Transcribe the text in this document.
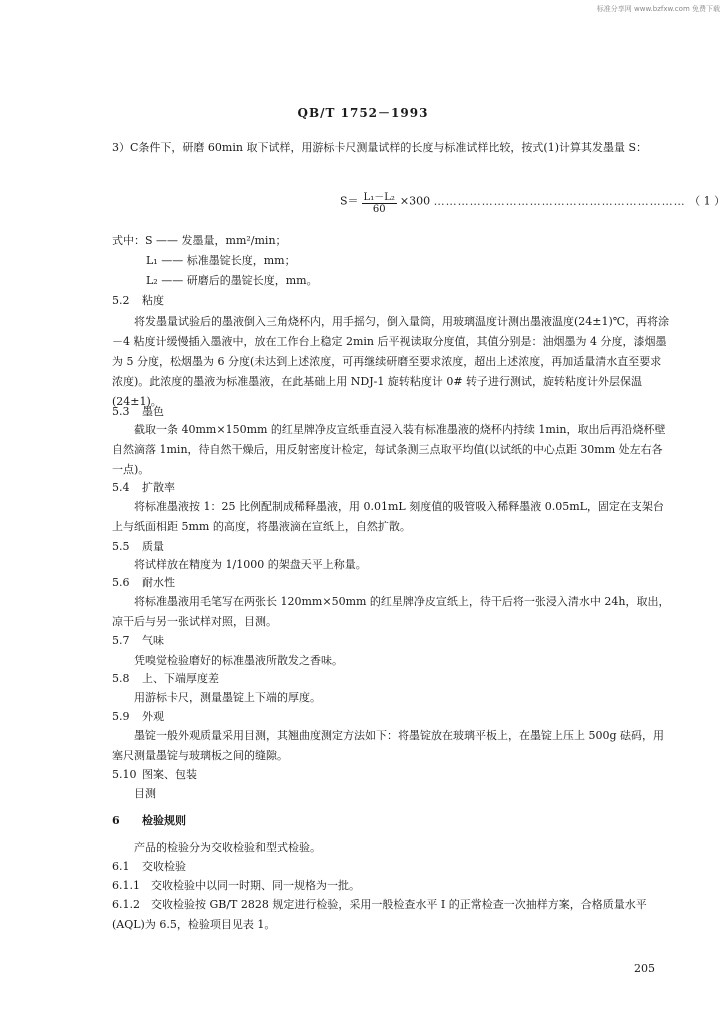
标准分享网 www.bzfxw.com 免费下载
QB/T 1752－1993

3）C条件下，研磨 60min 取下试样，用游标卡尺测量试样的长度与标准试样比较，按式(1)计算其发墨量 S：

$S= \frac{\text{L₁－L₂}}{60} \times 300$ ……………………………………………………… （ 1 ）
式中：S —— 发墨量，mm²/min；
L₁ —— 标准墨锭长度，mm；
L₂ —— 研磨后的墨锭长度，mm。
5.2 粘度

将发墨量试验后的墨液倒入三角烧杯内，用手摇匀，倒入量筒，用玻璃温度计测出墨液温度(24±1)℃，再将涂－4 粘度计缓慢插入墨液中，放在工作台上稳定 2min 后平视读取分度值，其值分别是：油烟墨为 4 分度，漆烟墨为 5 分度，松烟墨为 6 分度(未达到上述浓度，可再继续研磨至要求浓度，超出上述浓度，再加适量清水直至要求浓度)。此浓度的墨液为标准墨液，在此基础上用 NDJ-1 旋转粘度计 0# 转子进行测试，旋转粘度计外层保温(24±1)。

5.3 墨色

截取一条 40mm×150mm 的红星牌净皮宣纸垂直浸入装有标准墨液的烧杯内持续 1min，取出后再沿烧杯壁自然滴落 1min，待自然干燥后，用反射密度计检定，每试条测三点取平均值(以试纸的中心点距 30mm 处左右各一点)。

5.4 扩散率

将标准墨液按 1：25 比例配制成稀释墨液，用 0.01mL 刻度值的吸管吸入稀释墨液 0.05mL，固定在支架台上与纸面相距 5mm 的高度，将墨液滴在宣纸上，自然扩散。

5.5 质量

将试样放在精度为 1/1000 的架盘天平上称量。

5.6 耐水性

将标准墨液用毛笔写在两张长 120mm×50mm 的红星牌净皮宣纸上，待干后将一张浸入清水中 24h，取出，凉干后与另一张试样对照，目测。

5.7 气味

凭嗅觉检验磨好的标准墨液所散发之香味。

5.8 上、下端厚度差

用游标卡尺，测量墨锭上下端的厚度。

5.9 外观

墨锭一般外观质量采用目测，其翘曲度测定方法如下：将墨锭放在玻璃平板上，在墨锭上压上 500g 砝码，用塞尺测量墨锭与玻璃板之间的缝隙。

5.10 图案、包装

目测

6 检验规则

产品的检验分为交收检验和型式检验。

6.1 交收检验

6.1.1　交收检验中以同一时期、同一规格为一批。

6.1.2　交收检验按 GB/T 2828 规定进行检验，采用一般检查水平 I 的正常检查一次抽样方案，合格质量水平(AQL)为 6.5，检验项目见表 1。

205
